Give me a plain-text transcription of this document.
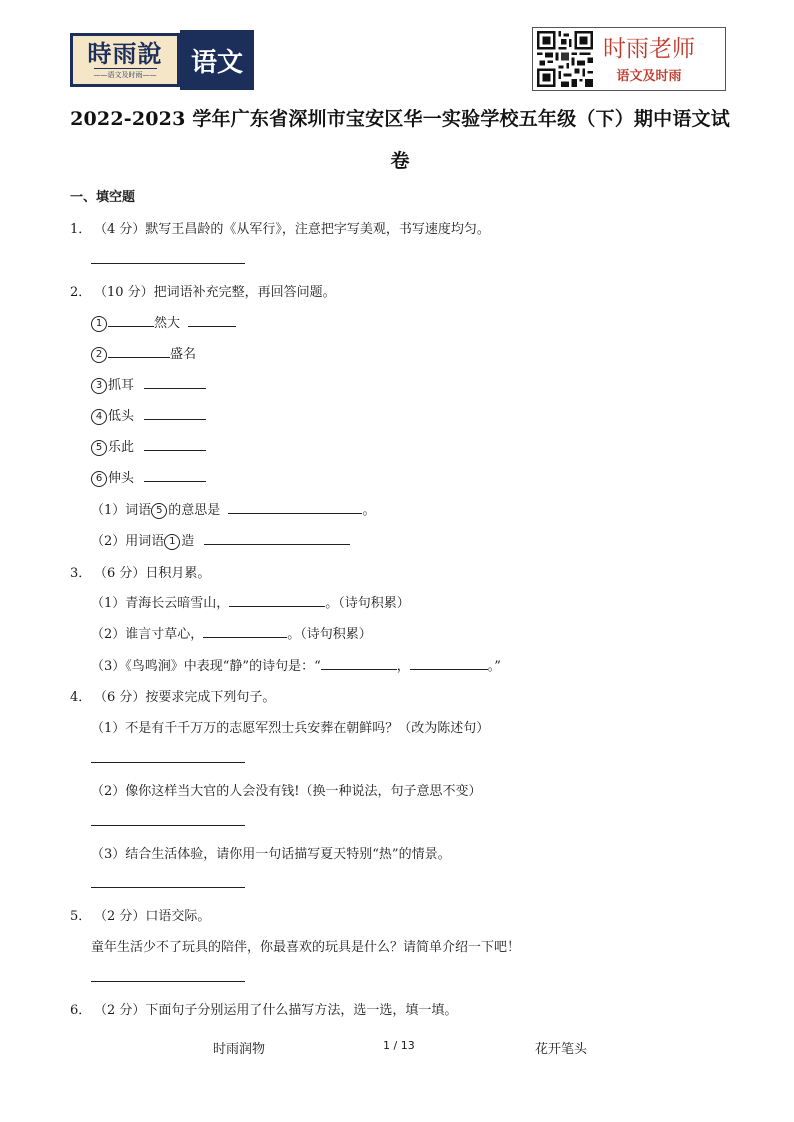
時雨說
——语文及时雨——	语文	时雨老师
语文及时雨
2022-2023 学年广东省深圳市宝安区华一实验学校五年级（下）期中语文试
卷
一、填空题
1． （4 分）默写王昌龄的《从军行》，注意把字写美观，书写速度均匀。
2． （10 分）把词语补充完整，再回答问题。
1	然大
2	盛名
3 抓耳
4 低头
5 乐此
6 伸头
（1）词语 5 的意思是	。
（2）用词语 1 造
3． （6 分）日积月累。
（1）青海长云暗雪山，	。（诗句积累）
（2）谁言寸草心，	。（诗句积累）
（3）《鸟鸣涧》中表现“静”的诗句是：“	，	。”
4． （6 分）按要求完成下列句子。
（1）不是有千千万万的志愿军烈士兵安葬在朝鲜吗？（改为陈述句）
（2）像你这样当大官的人会没有钱!（换一种说法，句子意思不变）
（3）结合生活体验，请你用一句话描写夏天特别“热”的情景。
5． （2 分）口语交际。
童年生活少不了玩具的陪伴，你最喜欢的玩具是什么？请简单介绍一下吧！
6． （2 分）下面句子分别运用了什么描写方法，选一选，填一填。
时雨润物	1 / 13	花开笔头
